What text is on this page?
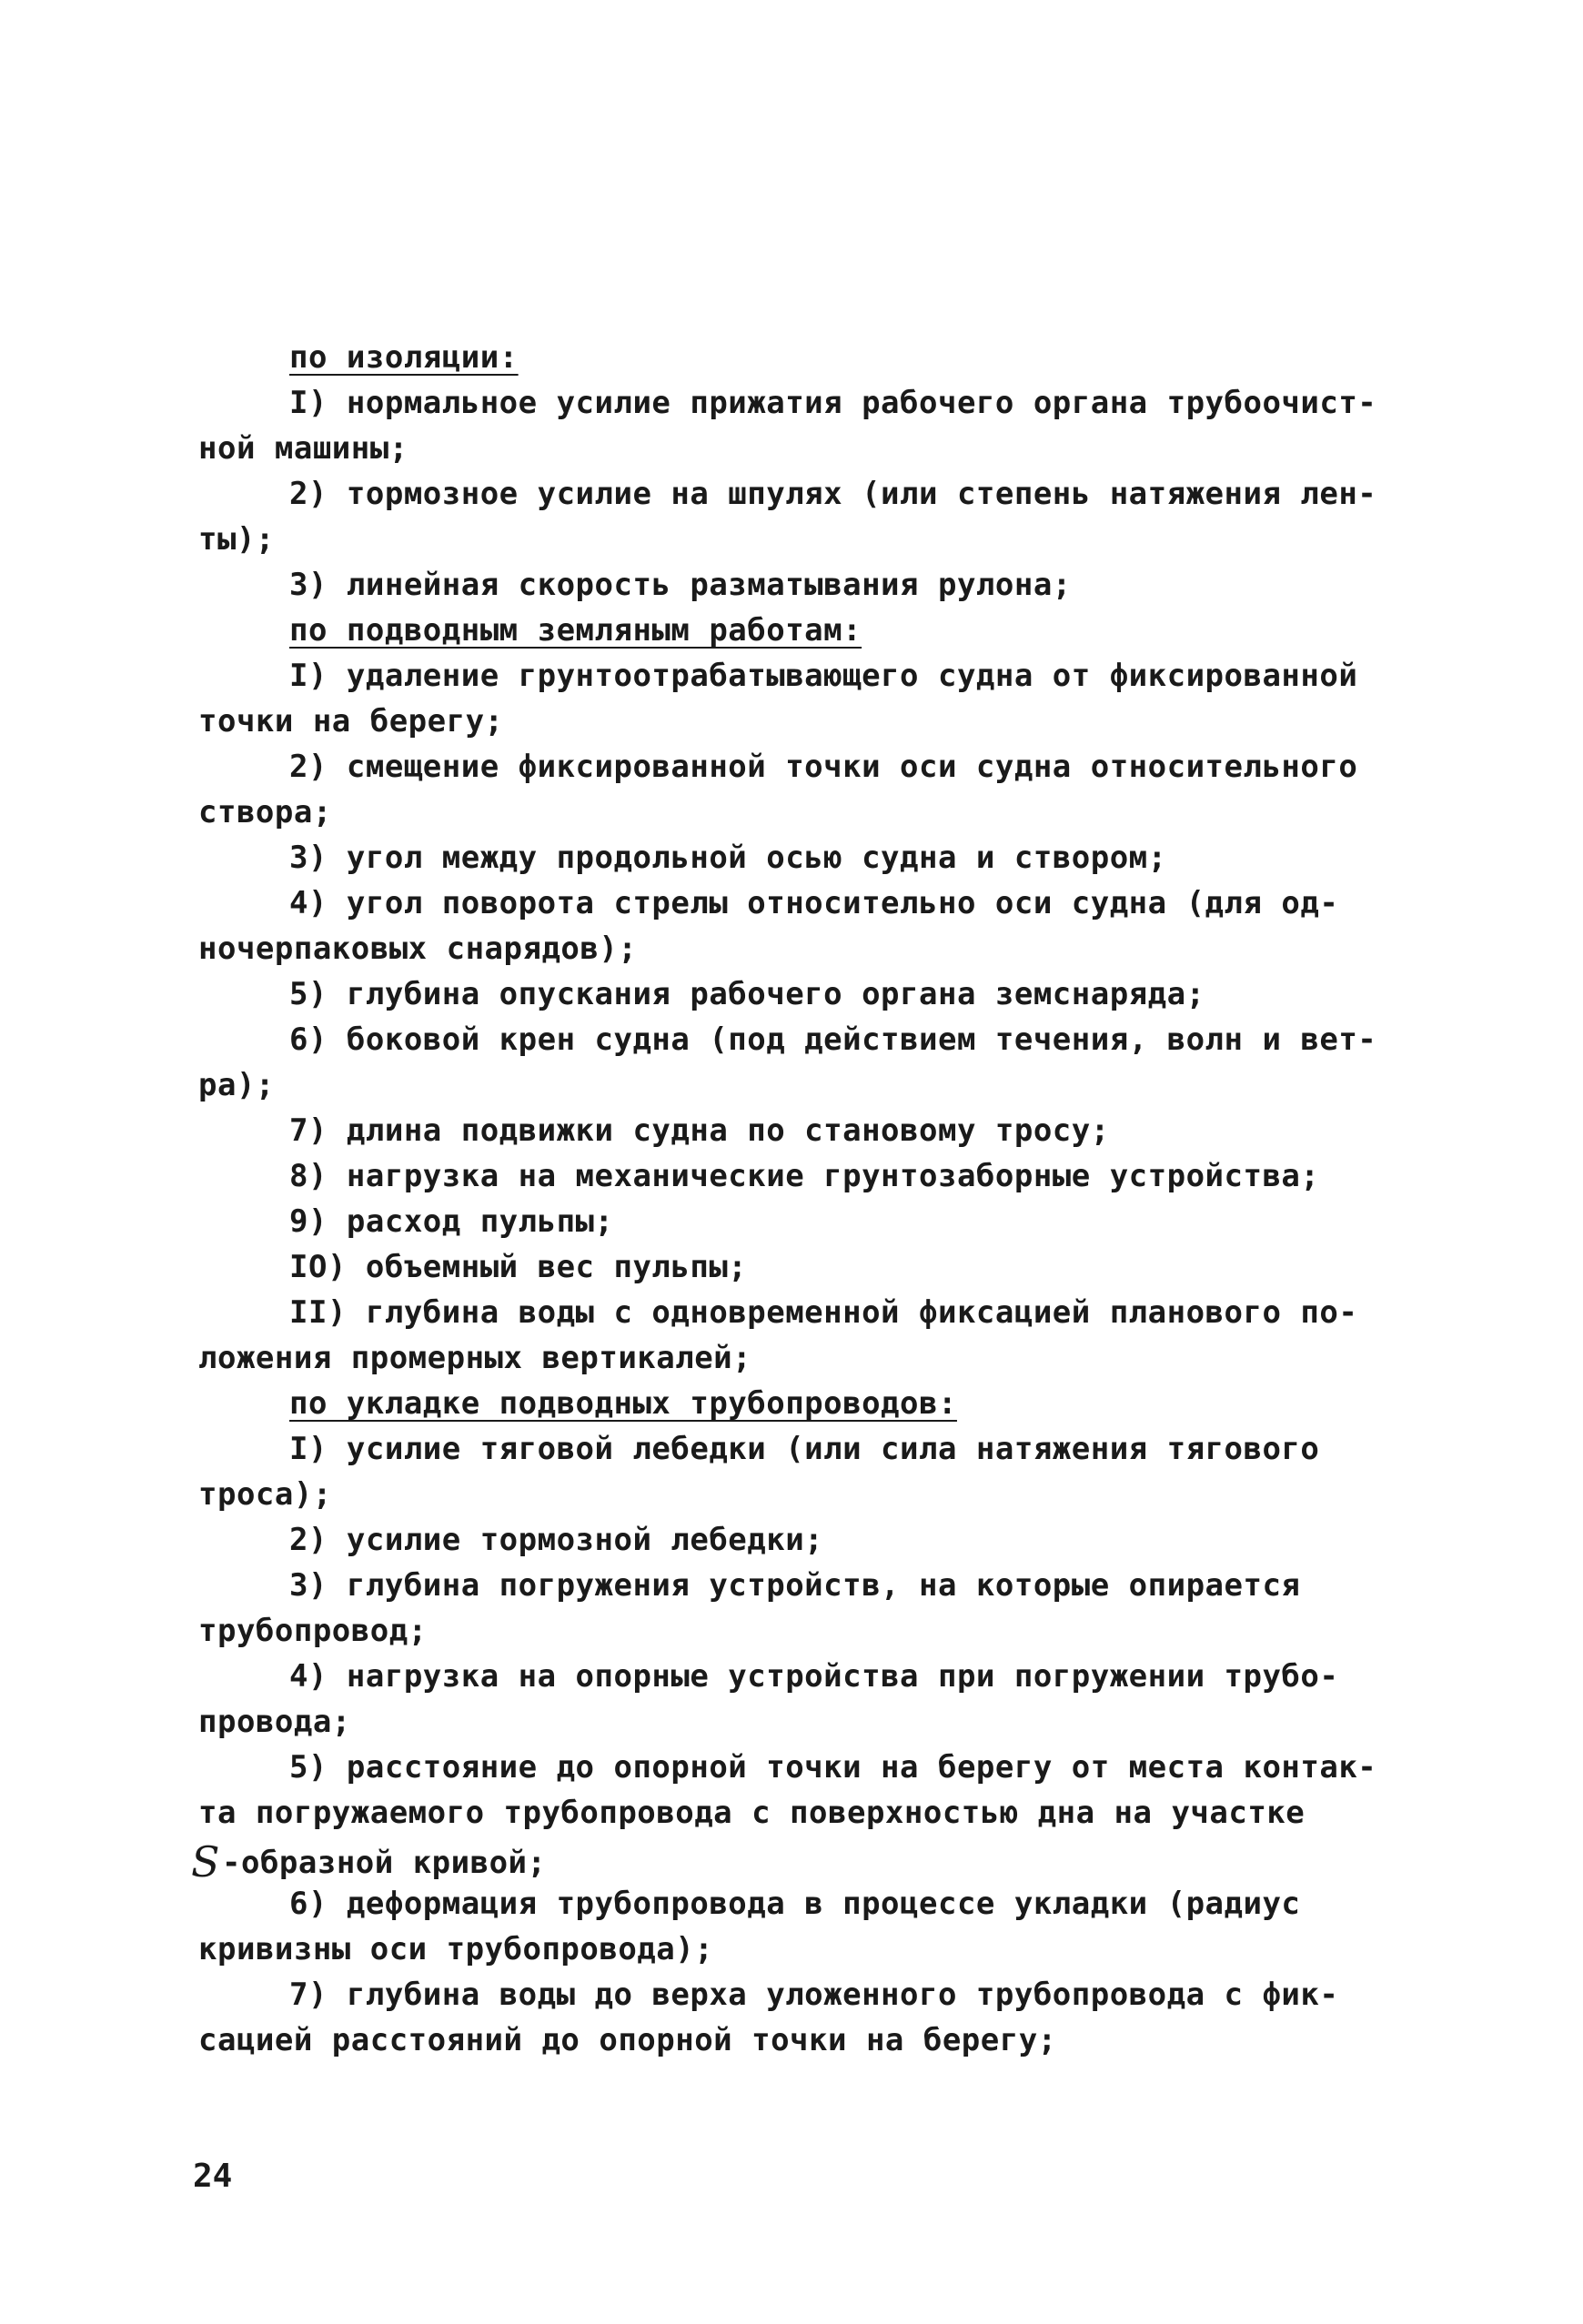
по изоляции:
I) нормальное усилие прижатия рабочего органа трубоочист-
ной машины;
2) тормозное усилие на шпулях (или степень натяжения лен-
ты);
3) линейная скорость разматывания рулона;
по подводным земляным работам:
I) удаление грунтоотрабатывающего судна от фиксированной
точки на берегу;
2) смещение фиксированной точки оси судна относительного
створа;
3) угол между продольной осью судна и створом;
4) угол поворота стрелы относительно оси судна (для од-
ночерпаковых снарядов);
5) глубина опускания рабочего органа земснаряда;
6) боковой крен судна (под действием течения, волн и вет-
ра);
7) длина подвижки судна по становому тросу;
8) нагрузка на механические грунтозаборные устройства;
9) расход пульпы;
IO) объемный вес пульпы;
II) глубина воды с одновременной фиксацией планового по-
ложения промерных вертикалей;
по укладке подводных трубопроводов:
I) усилие тяговой лебедки (или сила натяжения тягового
троса);
2) усилие тормозной лебедки;
3) глубина погружения устройств, на которые опирается
трубопровод;
4) нагрузка на опорные устройства при погружении трубо-
провода;
5) расстояние до опорной точки на берегу от места контак-
та погружаемого трубопровода с поверхностью дна на участке
S-образной кривой;
6) деформация трубопровода в процессе укладки (радиус
кривизны оси трубопровода);
7) глубина воды до верха уложенного трубопровода с фик-
сацией расстояний до опорной точки на берегу;
24
